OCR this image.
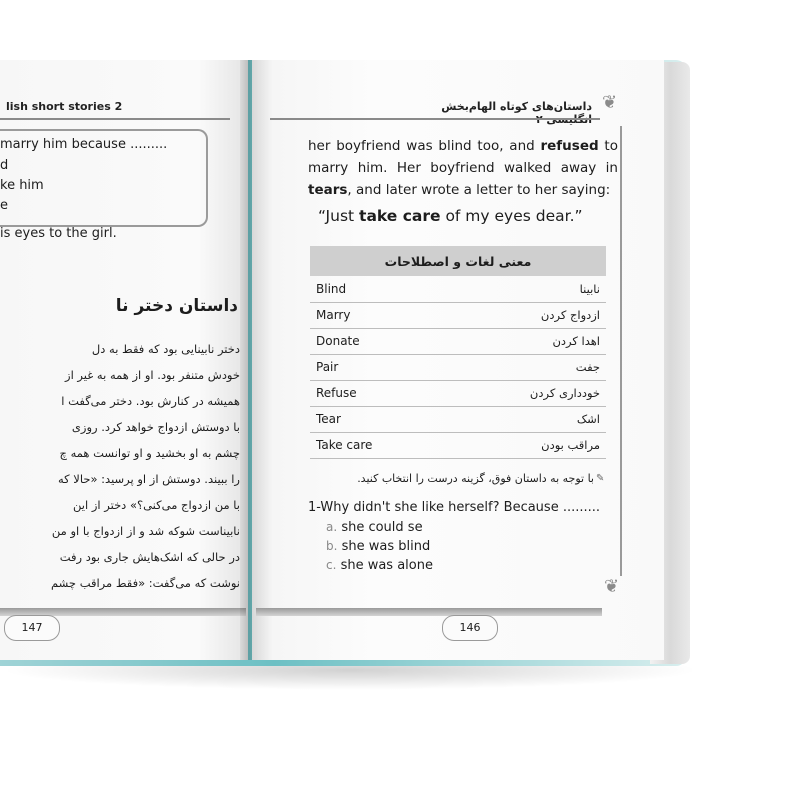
lish short stories 2
marry him because .........
d
ke him
e
is eyes to the girl.
داستان دختر نا
دختر نابینایی بود که فقط به دل
خودش متنفر بود. او از همه به غیر از
همیشه در کنارش بود. دختر می‌گفت ا
با دوستش ازدواج خواهد کرد. روزی
چشم به او بخشید و او توانست همه چ
را ببیند. دوستش از او پرسید: «حالا که
با من ازدواج می‌کنی؟» دختر از این
نابیناست شوکه شد و از ازدواج با او من
در حالی که اشک‌هایش جاری بود رفت
نوشت که می‌گفت: «فقط مراقب چشم
147
داستان‌های کوتاه الهام‌بخش	❦
❦
her boyfriend was blind too, and refused to marry him. Her boyfriend walked away in tears, and later wrote a letter to her saying:
“Just take care of my eyes dear.”
معنی لغات و اصطلاحات	
Blind	نابینا
Marry	ازدواج کردن
Donate	اهدا کردن
Pair	جفت
Refuse	خودداری کردن
Tear	اشک
Take care	مراقب بودن
با توجه به داستان فوق، گزینه درست را انتخاب کنید. ✎
1-Why didn't she like herself? Because .........
a. she could se
b. she was blind
c. she was alone
146
